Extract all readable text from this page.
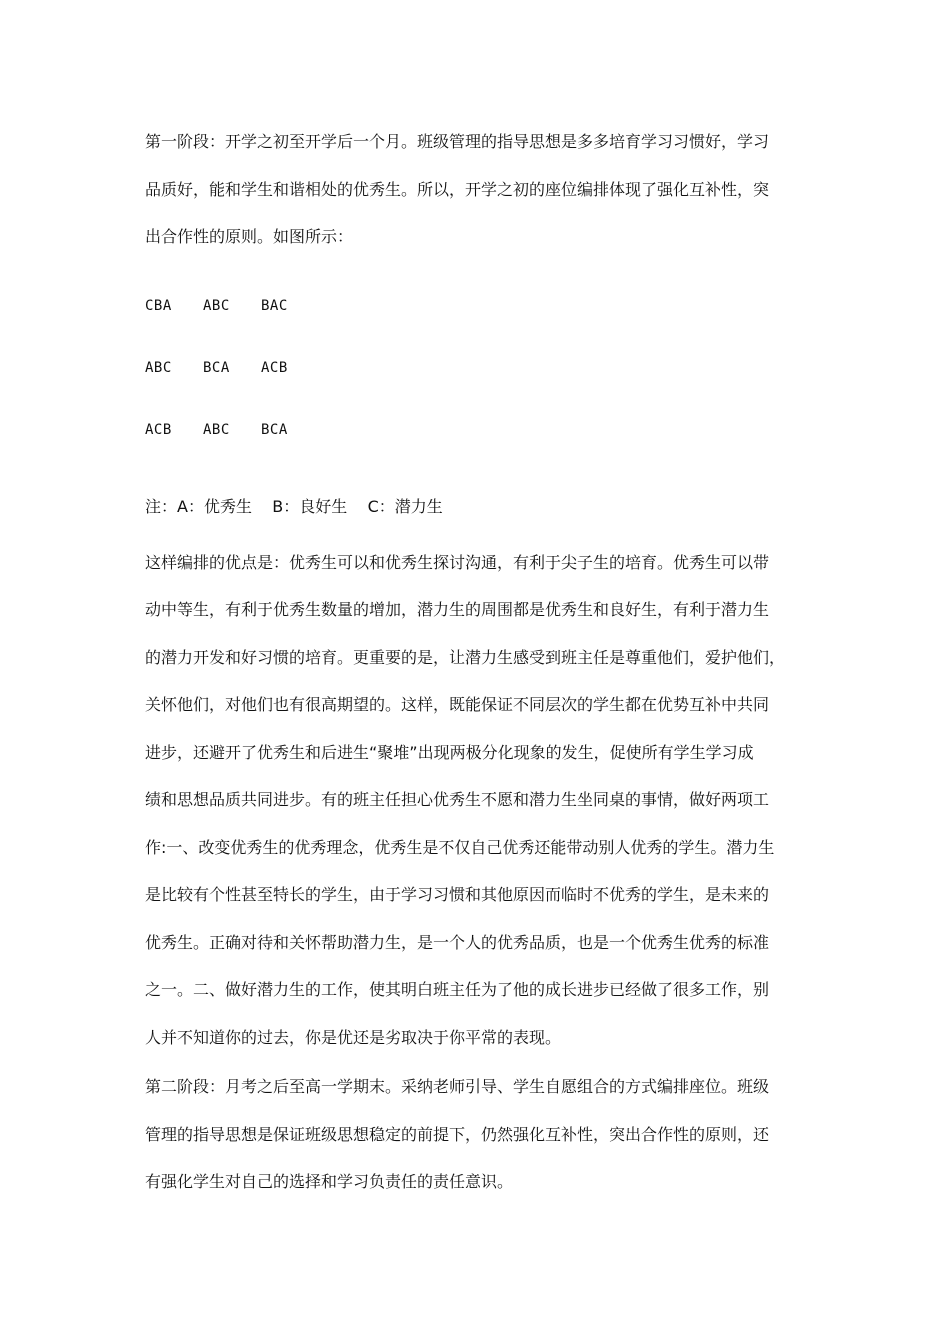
第一阶段：开学之初至开学后一个月。班级管理的指导思想是多多培育学习习惯好，学习
品质好，能和学生和谐相处的优秀生。所以，开学之初的座位编排体现了强化互补性，突
出合作性的原则。如图所示：

CBA	ABC	BAC
ABC	BCA	ACB
ACB	ABC	BCA
注：A：优秀生    B：良好生    C：潜力生

这样编排的优点是：优秀生可以和优秀生探讨沟通，有利于尖子生的培育。优秀生可以带
动中等生，有利于优秀生数量的增加，潜力生的周围都是优秀生和良好生，有利于潜力生
的潜力开发和好习惯的培育。更重要的是，让潜力生感受到班主任是尊重他们，爱护他们，
关怀他们，对他们也有很高期望的。这样，既能保证不同层次的学生都在优势互补中共同
进步，还避开了优秀生和后进生“聚堆”出现两极分化现象的发生，促使所有学生学习成
绩和思想品质共同进步。有的班主任担心优秀生不愿和潜力生坐同桌的事情，做好两项工
作:一、改变优秀生的优秀理念，优秀生是不仅自己优秀还能带动别人优秀的学生。潜力生
是比较有个性甚至特长的学生，由于学习习惯和其他原因而临时不优秀的学生，是未来的
优秀生。正确对待和关怀帮助潜力生，是一个人的优秀品质，也是一个优秀生优秀的标准
之一。二、做好潜力生的工作，使其明白班主任为了他的成长进步已经做了很多工作，别
人并不知道你的过去，你是优还是劣取决于你平常的表现。

第二阶段：月考之后至高一学期末。采纳老师引导、学生自愿组合的方式编排座位。班级
管理的指导思想是保证班级思想稳定的前提下，仍然强化互补性，突出合作性的原则，还
有强化学生对自己的选择和学习负责任的责任意识。
